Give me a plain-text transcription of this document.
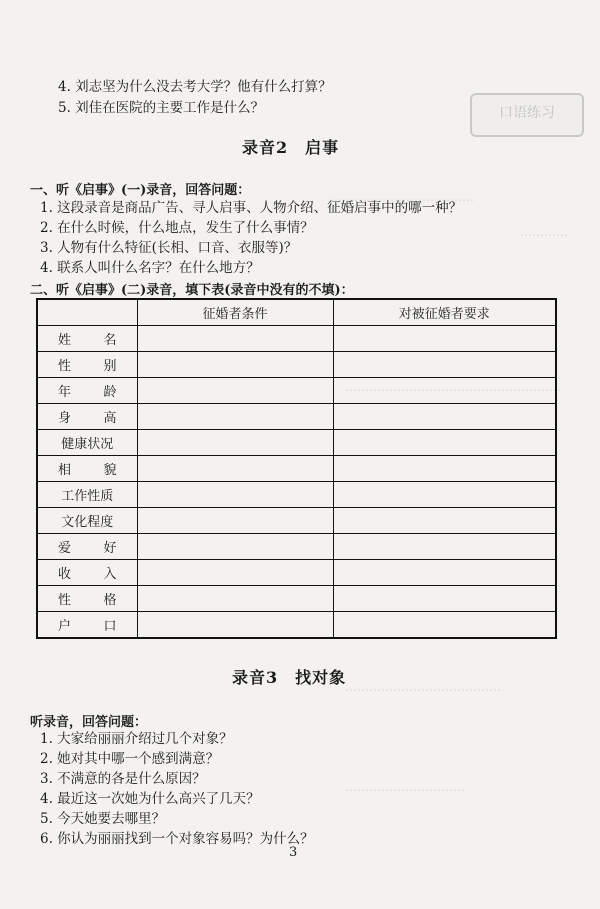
………………………………
…………
………………………………………………
…………………………………
…………………………
口语练习
4. 刘志坚为什么没去考大学？他有什么打算？
5. 刘佳在医院的主要工作是什么？
录音2　启事
一、听《启事》(一)录音，回答问题：
1. 这段录音是商品广告、寻人启事、人物介绍、征婚启事中的哪一种？
2. 在什么时候，什么地点，发生了什么事情？
3. 人物有什么特征(长相、口音、衣服等)？
4. 联系人叫什么名字？在什么地方？
二、听《启事》(二)录音，填下表(录音中没有的不填)：
	征婚者条件	对被征婚者要求

姓 名		

性 别		

年 龄		

身 高		

健康状况		

相 貌		

工作性质		

文化程度		

爱 好		

收 入		

性 格		

户 口		

录音3　找对象
听录音，回答问题：
1. 大家给丽丽介绍过几个对象？
2. 她对其中哪一个感到满意？
3. 不满意的各是什么原因？
4. 最近这一次她为什么高兴了几天？
5. 今天她要去哪里？
6. 你认为丽丽找到一个对象容易吗？为什么？
3
